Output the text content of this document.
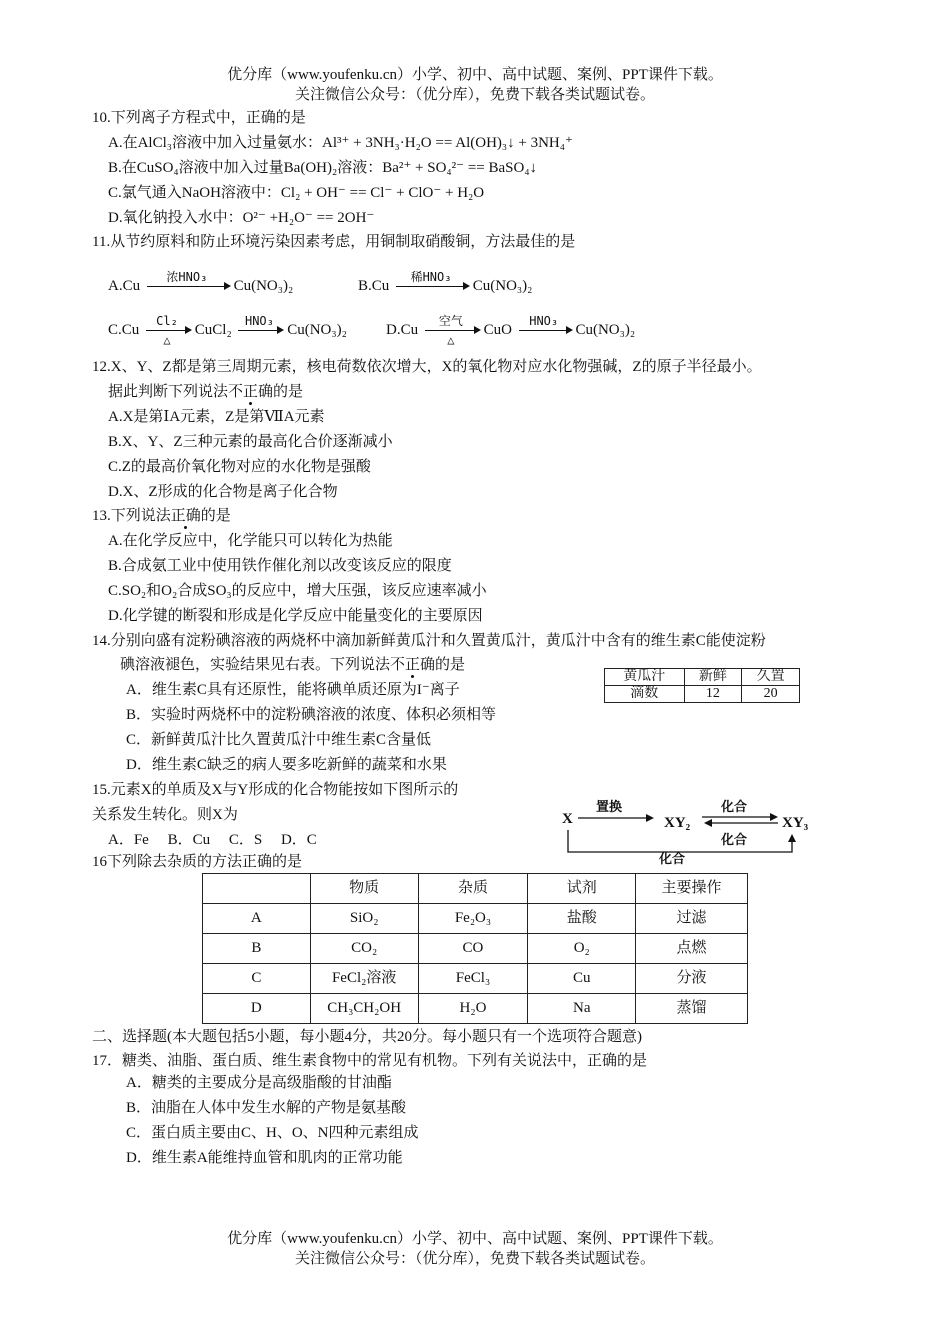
优分库（www.youfenku.cn）小学、初中、高中试题、案例、PPT课件下载。
关注微信公众号：（优分库），免费下载各类试题试卷。
10.下列离子方程式中，正确的是
A.在AlCl₃溶液中加入过量氨水：Al³⁺ + 3NH₃·H₂O == Al(OH)₃↓ + 3NH₄⁺
B.在CuSO₄溶液中加入过量Ba(OH)₂溶液：Ba²⁺ + SO₄²⁻ == BaSO₄↓
C.氯气通入NaOH溶液中：Cl₂ + OH⁻ == Cl⁻ + ClO⁻ + H₂O
D.氧化钠投入水中：O²⁻ +H₂O⁻ == 2OH⁻
11.从节约原料和防止环境污染因素考虑，用铜制取硝酸铜，方法最佳的是
A.Cu
浓HNO₃
Cu(NO₃)₂	B.Cu
稀HNO₃
Cu(NO₃)₂
C.Cu
Cl₂
△
CuCl₂
HNO₃
Cu(NO₃)₂	D.Cu
空气
△
CuO
HNO₃
Cu(NO₃)₂
12.X、Y、Z都是第三周期元素，核电荷数依次增大，X的氧化物对应水化物强碱，Z的原子半径最小。
据此判断下列说法不正确的是
A.X是第ⅠA元素，Z是第ⅦA元素
B.X、Y、Z三种元素的最高化合价逐渐减小
C.Z的最高价氧化物对应的水化物是强酸
D.X、Z形成的化合物是离子化合物
13.下列说法正确的是
A.在化学反应中，化学能只可以转化为热能
B.合成氨工业中使用铁作催化剂以改变该反应的限度
C.SO₂和O₂合成SO₃的反应中，增大压强，该反应速率减小
D.化学键的断裂和形成是化学反应中能量变化的主要原因
14.分别向盛有淀粉碘溶液的两烧杯中滴加新鲜黄瓜汁和久置黄瓜汁，黄瓜汁中含有的维生素C能使淀粉
碘溶液褪色，实验结果见右表。下列说法不正确的是
A．维生素C具有还原性，能将碘单质还原为I⁻离子
B．实验时两烧杯中的淀粉碘溶液的浓度、体积必须相等
C．新鲜黄瓜汁比久置黄瓜汁中维生素C含量低
D．维生素C缺乏的病人要多吃新鲜的蔬菜和水果
黄瓜汁	新鲜	久置
滴数	12	20
15.元素X的单质及X与Y形成的化合物能按如下图所示的
关系发生转化。则X为
A．Fe　 B．Cu　 C．S　 D．C
X	XY₂	XY₃
置换	化合
化合
化合
16下列除去杂质的方法正确的是
	物质	杂质	试剂	主要操作
A	SiO₂	Fe₂O₃	盐酸	过滤
B	CO₂	CO	O₂	点燃
C	FeCl₂溶液	FeCl₃	Cu	分液
D	CH₃CH₂OH	H₂O	Na	蒸馏
二、选择题(本大题包括5小题，每小题4分，共20分。每小题只有一个选项符合题意)
17．糖类、油脂、蛋白质、维生素食物中的常见有机物。下列有关说法中，正确的是
A．糖类的主要成分是高级脂酸的甘油酯
B．油脂在人体中发生水解的产物是氨基酸
C．蛋白质主要由C、H、O、N四种元素组成
D．维生素A能维持血管和肌肉的正常功能
优分库（www.youfenku.cn）小学、初中、高中试题、案例、PPT课件下载。
关注微信公众号：（优分库），免费下载各类试题试卷。
